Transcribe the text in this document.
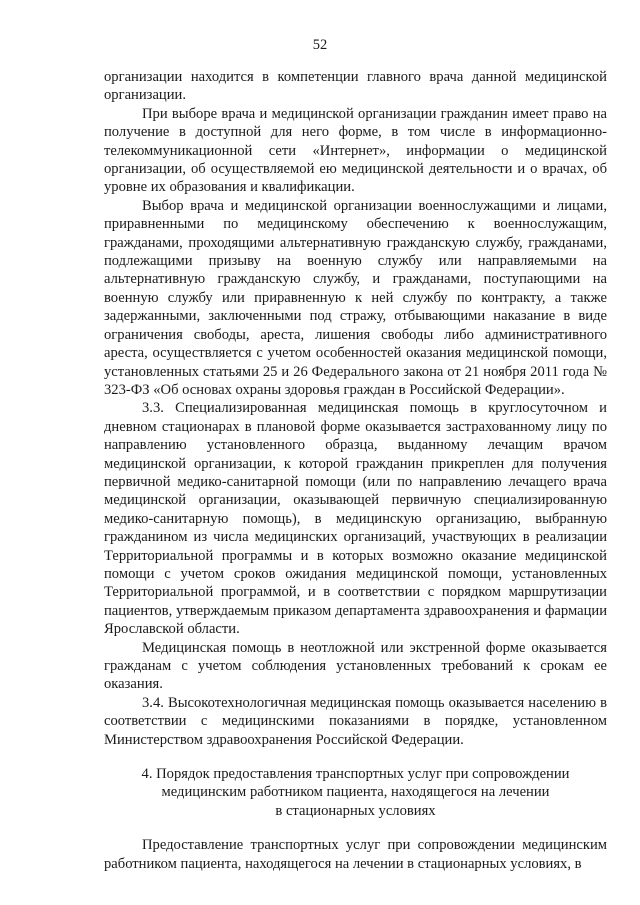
52

организации находится в компетенции главного врача данной медицинской организации.

При выборе врача и медицинской организации гражданин имеет право на получение в доступной для него форме, в том числе в информационно-телекоммуникационной сети «Интернет», информации о медицинской организации, об осуществляемой ею медицинской деятельности и о врачах, об уровне их образования и квалификации.

Выбор врача и медицинской организации военнослужащими и лицами, приравненными по медицинскому обеспечению к военнослужащим, гражданами, проходящими альтернативную гражданскую службу, гражданами, подлежащими призыву на военную службу или направляемыми на альтернативную гражданскую службу, и гражданами, поступающими на военную службу или приравненную к ней службу по контракту, а также задержанными, заключенными под стражу, отбывающими наказание в виде ограничения свободы, ареста, лишения свободы либо административного ареста, осуществляется с учетом особенностей оказания медицинской помощи, установленных статьями 25 и 26 Федерального закона от 21 ноября 2011 года № 323-ФЗ «Об основах охраны здоровья граждан в Российской Федерации».

3.3. Специализированная медицинская помощь в круглосуточном и дневном стационарах в плановой форме оказывается застрахованному лицу по направлению установленного образца, выданному лечащим врачом медицинской организации, к которой гражданин прикреплен для получения первичной медико-санитарной помощи (или по направлению лечащего врача медицинской организации, оказывающей первичную специализированную медико-санитарную помощь), в медицинскую организацию, выбранную гражданином из числа медицинских организаций, участвующих в реализации Территориальной программы и в которых возможно оказание медицинской помощи с учетом сроков ожидания медицинской помощи, установленных Территориальной программой, и в соответствии с порядком маршрутизации пациентов, утверждаемым приказом департамента здравоохранения и фармации Ярославской области.

Медицинская помощь в неотложной или экстренной форме оказывается гражданам с учетом соблюдения установленных требований к срокам ее оказания.

3.4. Высокотехнологичная медицинская помощь оказывается населению в соответствии с медицинскими показаниями в порядке, установленном Министерством здравоохранения Российской Федерации.

4. Порядок предоставления транспортных услуг при сопровождении
медицинским работником пациента, находящегося на лечении
в стационарных условиях

Предоставление транспортных услуг при сопровождении медицинским работником пациента, находящегося на лечении в стационарных условиях, в
